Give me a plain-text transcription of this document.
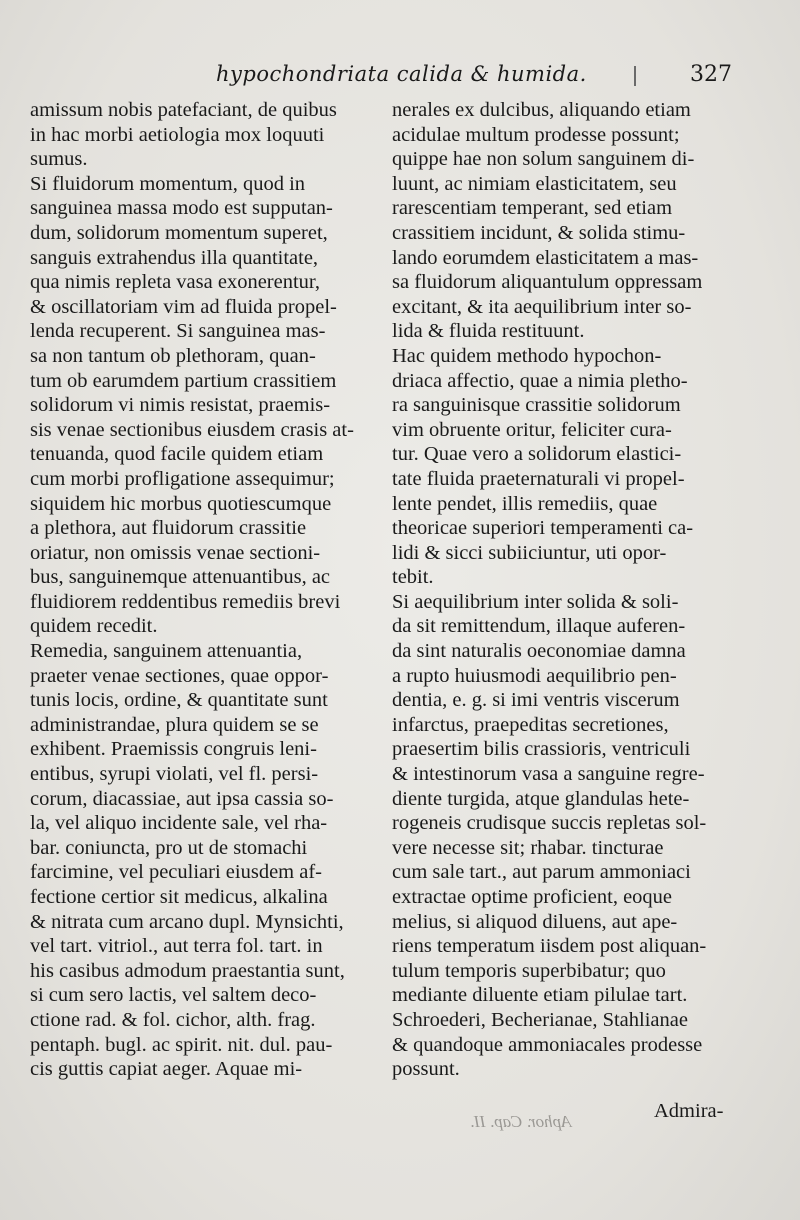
hypochondriata calida & humida.	327
amissum nobis patefaciant, de quibus
in hac morbi aetiologia mox loquuti
sumus.
Si fluidorum momentum, quod in
sanguinea massa modo est supputan-
dum, solidorum momentum superet,
sanguis extrahendus illa quantitate,
qua nimis repleta vasa exonerentur,
& oscillatoriam vim ad fluida propel-
lenda recuperent. Si sanguinea mas-
sa non tantum ob plethoram, quan-
tum ob earumdem partium crassitiem
solidorum vi nimis resistat, praemis-
sis venae sectionibus eiusdem crasis at-
tenuanda, quod facile quidem etiam
cum morbi profligatione assequimur;
siquidem hic morbus quotiescumque
a plethora, aut fluidorum crassitie
oriatur, non omissis venae sectioni-
bus, sanguinemque attenuantibus, ac
fluidiorem reddentibus remediis brevi
quidem recedit.
Remedia, sanguinem attenuantia,
praeter venae sectiones, quae oppor-
tunis locis, ordine, & quantitate sunt
administrandae, plura quidem se se
exhibent. Praemissis congruis leni-
entibus, syrupi violati, vel fl. persi-
corum, diacassiae, aut ipsa cassia so-
la, vel aliquo incidente sale, vel rha-
bar. coniuncta, pro ut de stomachi
farcimine, vel peculiari eiusdem af-
fectione certior sit medicus, alkalina
& nitrata cum arcano dupl. Mynsichti,
vel tart. vitriol., aut terra fol. tart. in
his casibus admodum praestantia sunt,
si cum sero lactis, vel saltem deco-
ctione rad. & fol. cichor, alth. frag.
pentaph. bugl. ac spirit. nit. dul. pau-
cis guttis capiat aeger. Aquae mi-
nerales ex dulcibus, aliquando etiam
acidulae multum prodesse possunt;
quippe hae non solum sanguinem di-
luunt, ac nimiam elasticitatem, seu
rarescentiam temperant, sed etiam
crassitiem incidunt, & solida stimu-
lando eorumdem elasticitatem a mas-
sa fluidorum aliquantulum oppressam
excitant, & ita aequilibrium inter so-
lida & fluida restituunt.
Hac quidem methodo hypochon-
driaca affectio, quae a nimia pletho-
ra sanguinisque crassitie solidorum
vim obruente oritur, feliciter cura-
tur. Quae vero a solidorum elastici-
tate fluida praeternaturali vi propel-
lente pendet, illis remediis, quae
theoricae superiori temperamenti ca-
lidi & sicci subiiciuntur, uti opor-
tebit.
Si aequilibrium inter solida & soli-
da sit remittendum, illaque auferen-
da sint naturalis oeconomiae damna
a rupto huiusmodi aequilibrio pen-
dentia, e. g. si imi ventris viscerum
infarctus, praepeditas secretiones,
praesertim bilis crassioris, ventriculi
& intestinorum vasa a sanguine regre-
diente turgida, atque glandulas hete-
rogeneis crudisque succis repletas sol-
vere necesse sit; rhabar. tincturae
cum sale tart., aut parum ammoniaci
extractae optime proficient, eoque
melius, si aliquod diluens, aut ape-
riens temperatum iisdem post aliquan-
tulum temporis superbibatur; quo
mediante diluente etiam pilulae tart.
Schroederi, Becherianae, Stahlianae
& quandoque ammoniacales prodesse
possunt.
Aphor. Cap. II.	Admira-
